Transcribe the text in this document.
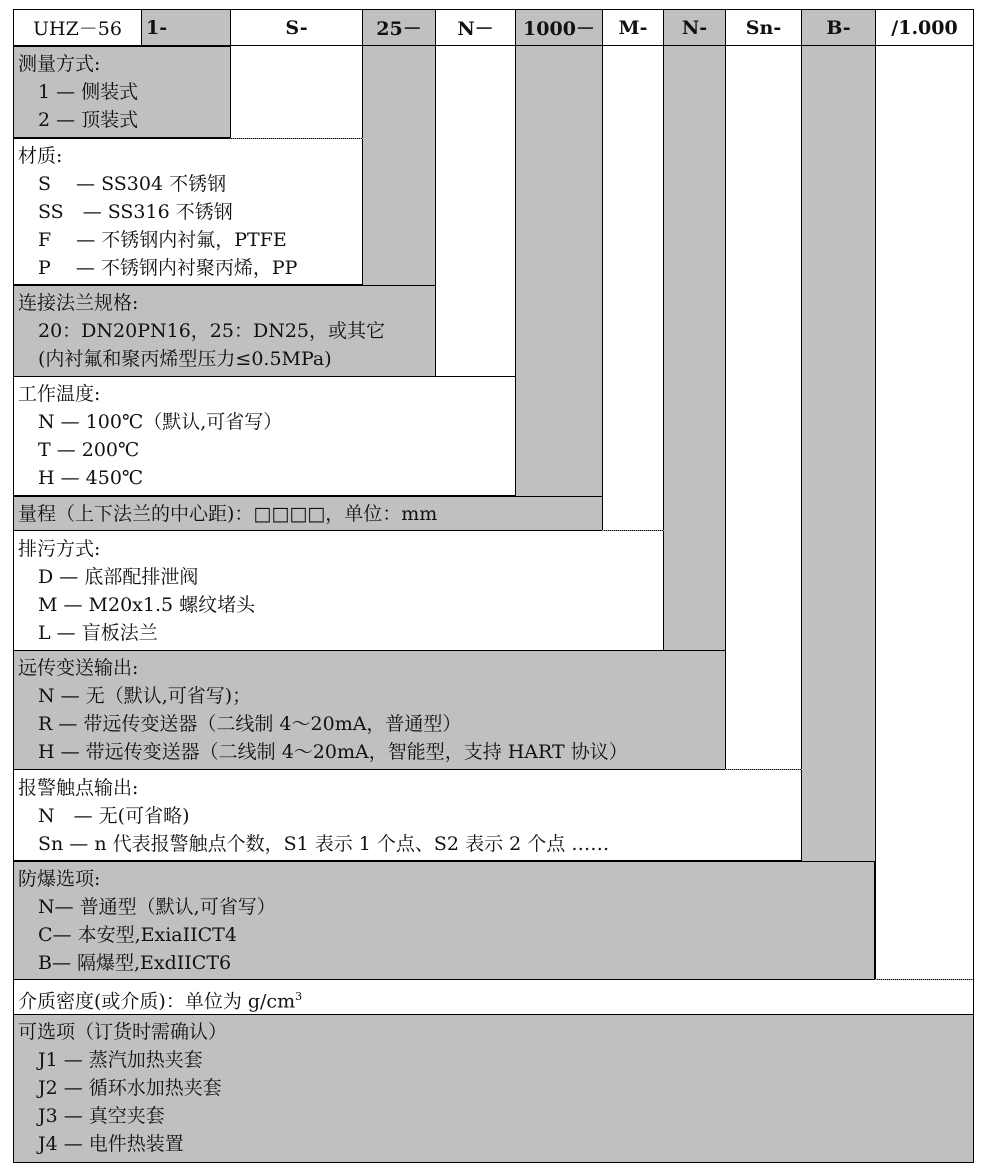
UHZ－56	1-	S-	25－	N－	1000－	M-	N-	Sn-	B-	/1.000
测量方式:
1 — 侧装式
2 — 顶装式
材质:
S　 — SS304 不锈钢
SS　— SS316 不锈钢
F　 — 不锈钢内衬氟，PTFE
P　 — 不锈钢内衬聚丙烯，PP
连接法兰规格:
20：DN20PN16，25：DN25，或其它
(内衬氟和聚丙烯型压力≤0.5MPa)
工作温度:
N — 100℃（默认,可省写）
T — 200℃
H — 450℃
量程（上下法兰的中心距)：□□□□，单位：mm
排污方式:
D — 底部配排泄阀
M — M20x1.5 螺纹堵头
L — 盲板法兰
远传变送输出:
N — 无（默认,可省写)；
R — 带远传变送器（二线制 4～20mA，普通型）
H — 带远传变送器（二线制 4～20mA，智能型，支持 HART 协议）
报警触点输出:
N　— 无(可省略)
Sn — n 代表报警触点个数，S1 表示 1 个点、S2 表示 2 个点 ……
防爆选项:
N— 普通型（默认,可省写）
C— 本安型,ExiaIICT4
B— 隔爆型,ExdIICT6
介质密度(或介质)：单位为 $g/cm^3$
可选项（订货时需确认）
J1 — 蒸汽加热夹套
J2 — 循环水加热夹套
J3 — 真空夹套
J4 — 电件热装置
